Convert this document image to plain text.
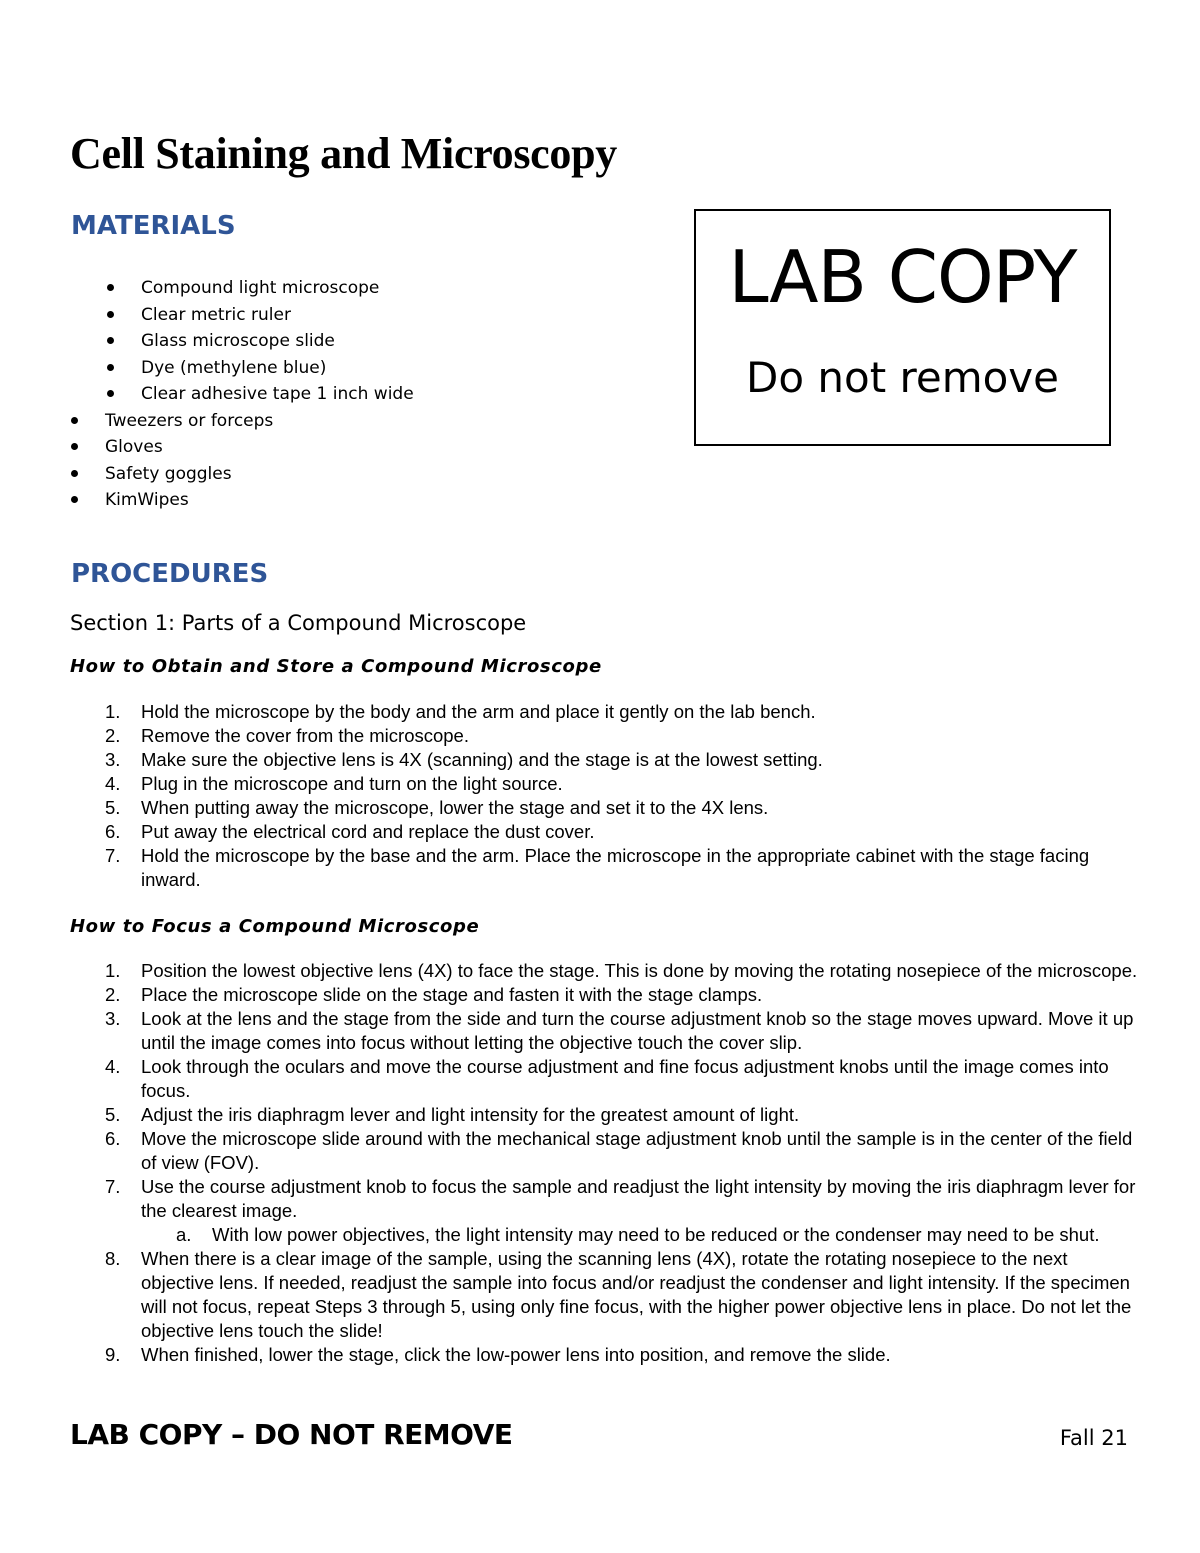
Cell Staining and Microscopy
MATERIALS
LAB COPY
Do not remove
Compound light microscope
Clear metric ruler
Glass microscope slide
Dye (methylene blue)
Clear adhesive tape 1 inch wide
Tweezers or forceps
Gloves
Safety goggles
KimWipes
PROCEDURES
Section 1: Parts of a Compound Microscope
How to Obtain and Store a Compound Microscope
1. Hold the microscope by the body and the arm and place it gently on the lab bench.
2. Remove the cover from the microscope.
3. Make sure the objective lens is 4X (scanning) and the stage is at the lowest setting.
4. Plug in the microscope and turn on the light source.
5. When putting away the microscope, lower the stage and set it to the 4X lens.
6. Put away the electrical cord and replace the dust cover.
7. Hold the microscope by the base and the arm. Place the microscope in the appropriate cabinet with the stage facing inward.
How to Focus a Compound Microscope
1. Position the lowest objective lens (4X) to face the stage. This is done by moving the rotating nosepiece of the microscope.
2. Place the microscope slide on the stage and fasten it with the stage clamps.
3. Look at the lens and the stage from the side and turn the course adjustment knob so the stage moves upward. Move it up until the image comes into focus without letting the objective touch the cover slip.
4. Look through the oculars and move the course adjustment and fine focus adjustment knobs until the image comes into focus.
5. Adjust the iris diaphragm lever and light intensity for the greatest amount of light.
6. Move the microscope slide around with the mechanical stage adjustment knob until the sample is in the center of the field of view (FOV).
7. Use the course adjustment knob to focus the sample and readjust the light intensity by moving the iris diaphragm lever for the clearest image.
a. With low power objectives, the light intensity may need to be reduced or the condenser may need to be shut.
8. When there is a clear image of the sample, using the scanning lens (4X), rotate the rotating nosepiece to the next objective lens. If needed, readjust the sample into focus and/or readjust the condenser and light intensity. If the specimen will not focus, repeat Steps 3 through 5, using only fine focus, with the higher power objective lens in place. Do not let the objective lens touch the slide!
9. When finished, lower the stage, click the low-power lens into position, and remove the slide.
LAB COPY – DO NOT REMOVE	Fall 21
